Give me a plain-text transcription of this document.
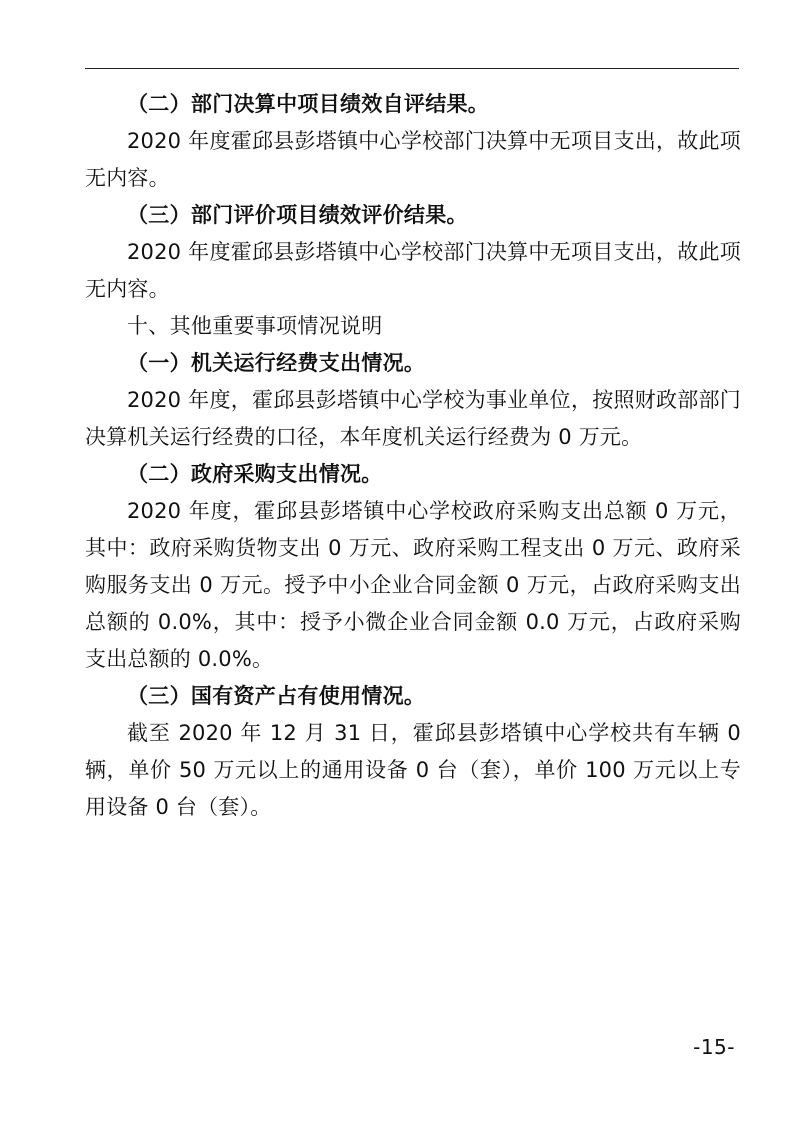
（二）部门决算中项目绩效自评结果。

2020 年度霍邱县彭塔镇中心学校部门决算中无项目支出，故此项无内容。

（三）部门评价项目绩效评价结果。

2020 年度霍邱县彭塔镇中心学校部门决算中无项目支出，故此项无内容。

十、其他重要事项情况说明

（一）机关运行经费支出情况。

2020 年度，霍邱县彭塔镇中心学校为事业单位，按照财政部部门决算机关运行经费的口径，本年度机关运行经费为 0 万元。

（二）政府采购支出情况。

2020 年度，霍邱县彭塔镇中心学校政府采购支出总额 0 万元，其中：政府采购货物支出 0 万元、政府采购工程支出 0 万元、政府采购服务支出 0 万元。授予中小企业合同金额 0 万元，占政府采购支出总额的 0.0%，其中：授予小微企业合同金额 0.0 万元，占政府采购支出总额的 0.0%。

（三）国有资产占有使用情况。

截至 2020 年 12 月 31 日，霍邱县彭塔镇中心学校共有车辆 0 辆，单价 50 万元以上的通用设备 0 台（套），单价 100 万元以上专用设备 0 台（套）。

-15-
